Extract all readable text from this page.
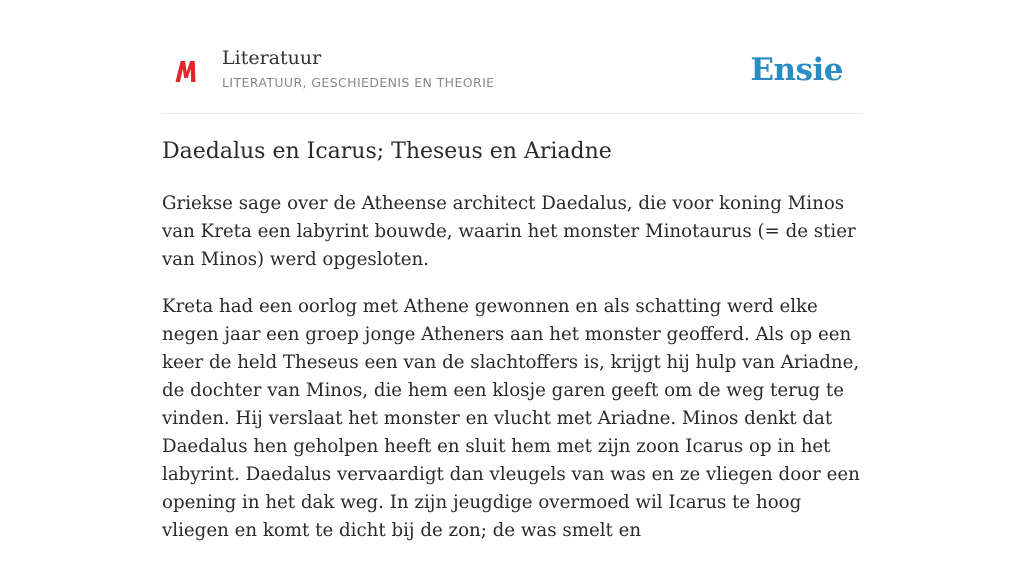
Literatuur
LITERATUUR, GESCHIEDENIS EN THEORIE	Ensie
Daedalus en Icarus; Theseus en Ariadne

Griekse sage over de Atheense architect Daedalus, die voor koning Minos van Kreta een labyrint bouwde, waarin het monster Minotaurus (= de stier van Minos) werd opgesloten.

Kreta had een oorlog met Athene gewonnen en als schatting werd elke negen jaar een groep jonge Atheners aan het monster geofferd. Als op een keer de held Theseus een van de slachtoffers is, krijgt hij hulp van Ariadne, de dochter van Minos, die hem een klosje garen geeft om de weg terug te vinden. Hij verslaat het monster en vlucht met Ariadne. Minos denkt dat Daedalus hen geholpen heeft en sluit hem met zijn zoon Icarus op in het labyrint. Daedalus vervaardigt dan vleugels van was en ze vliegen door een opening in het dak weg. In zijn jeugdige overmoed wil Icarus te hoog vliegen en komt te dicht bij de zon; de was smelt en
